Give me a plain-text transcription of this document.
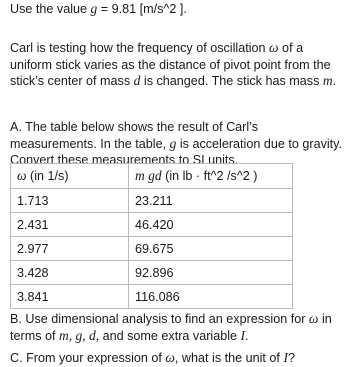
Use the value g = 9.81 [m/s^2 ].
Carl is testing how the frequency of oscillation ω of a uniform stick varies as the distance of pivot point from the stick’s center of mass d is changed. The stick has mass m.
A. The table below shows the result of Carl’s measurements. In the table, g is acceleration due to gravity. Convert these measurements to SI units.
ω (in 1/s)	m gd (in lb · ft^2 /s^2 )
1.713	23.211
2.431	46.420
2.977	69.675
3.428	92.896
3.841	116.086
B. Use dimensional analysis to find an expression for ω in terms of m, g, d, and some extra variable I.
C. From your expression of ω, what is the unit of I?
